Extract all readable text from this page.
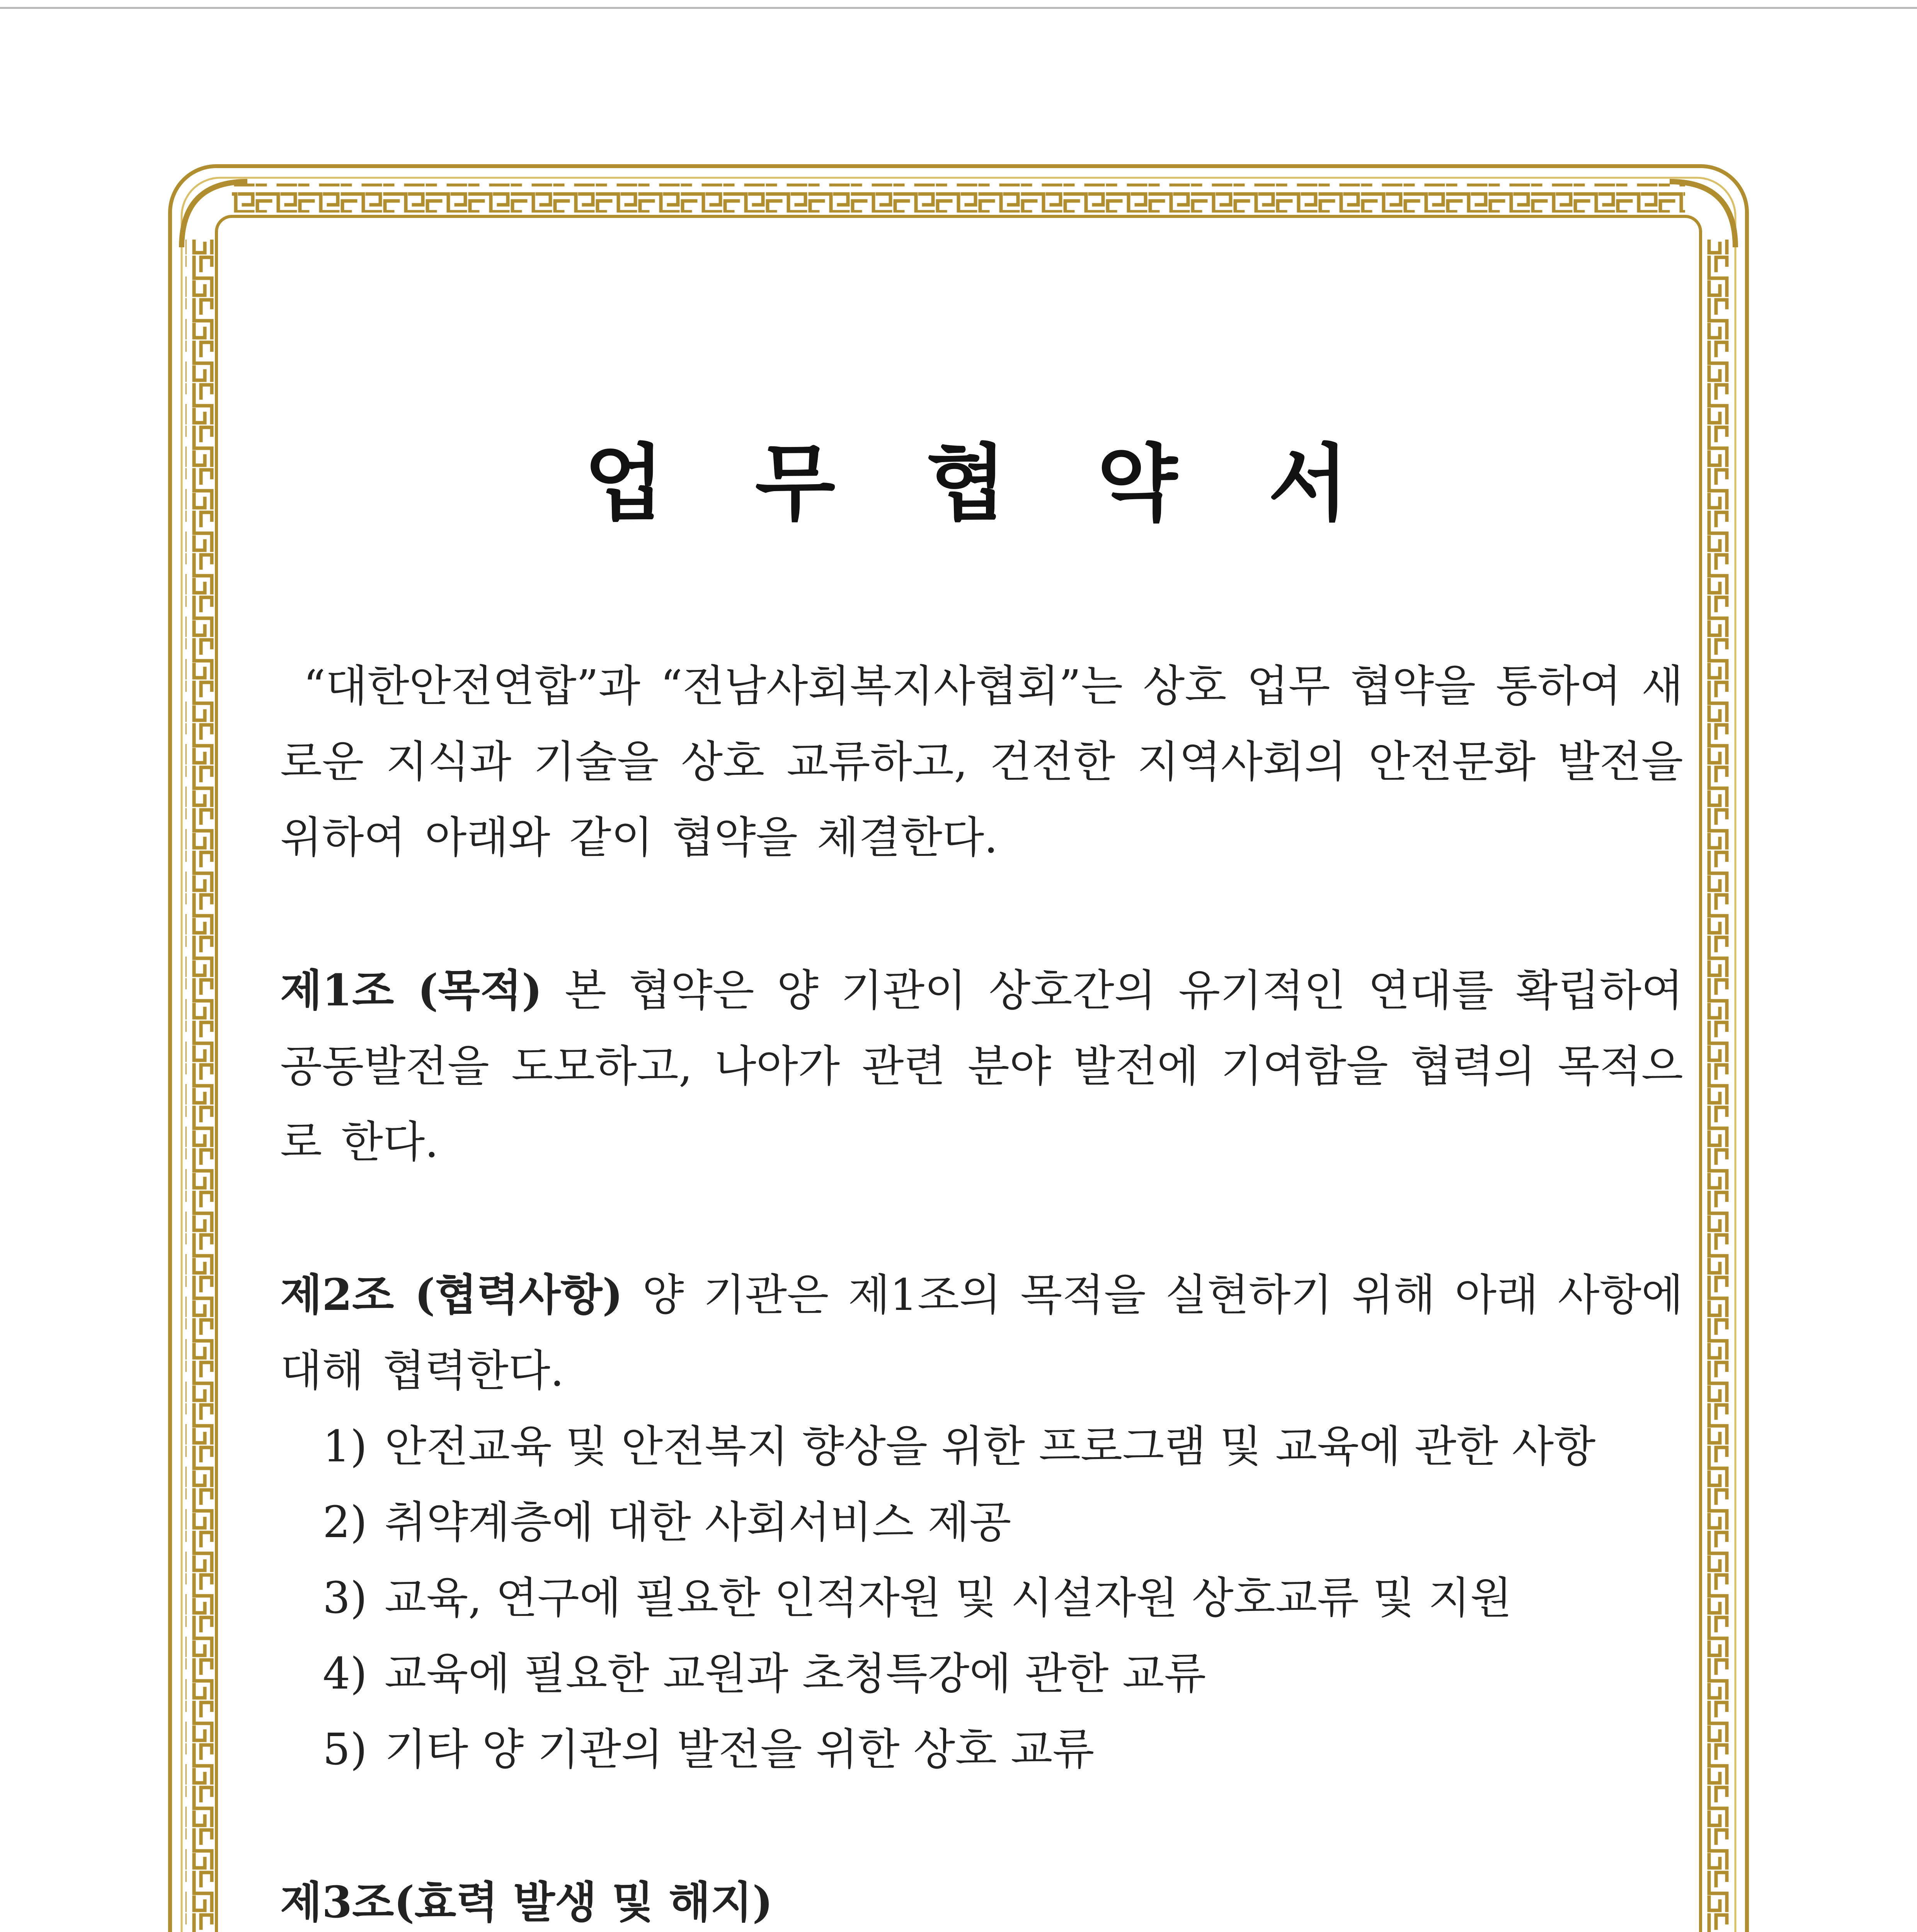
업 무 협 약 서

“대한안전연합”과 “전남사회복지사협회”는 상호 업무 협약을 통하여 새로운 지식과 기술을 상호 교류하고, 건전한 지역사회의 안전문화 발전을 위하여 아래와 같이 협약을 체결한다.

제1조 (목적) 본 협약은 양 기관이 상호간의 유기적인 연대를 확립하여 공동발전을 도모하고, 나아가 관련 분야 발전에 기여함을 협력의 목적으로 한다.

제2조 (협력사항) 양 기관은 제1조의 목적을 실현하기 위해 아래 사항에 대해 협력한다.

1) 안전교육 및 안전복지 향상을 위한 프로그램 및 교육에 관한 사항
2) 취약계층에 대한 사회서비스 제공
3) 교육, 연구에 필요한 인적자원 및 시설자원 상호교류 및 지원
4) 교육에 필요한 교원과 초청특강에 관한 교류
5) 기타 양 기관의 발전을 위한 상호 교류

제3조(효력 발생 및 해지)
